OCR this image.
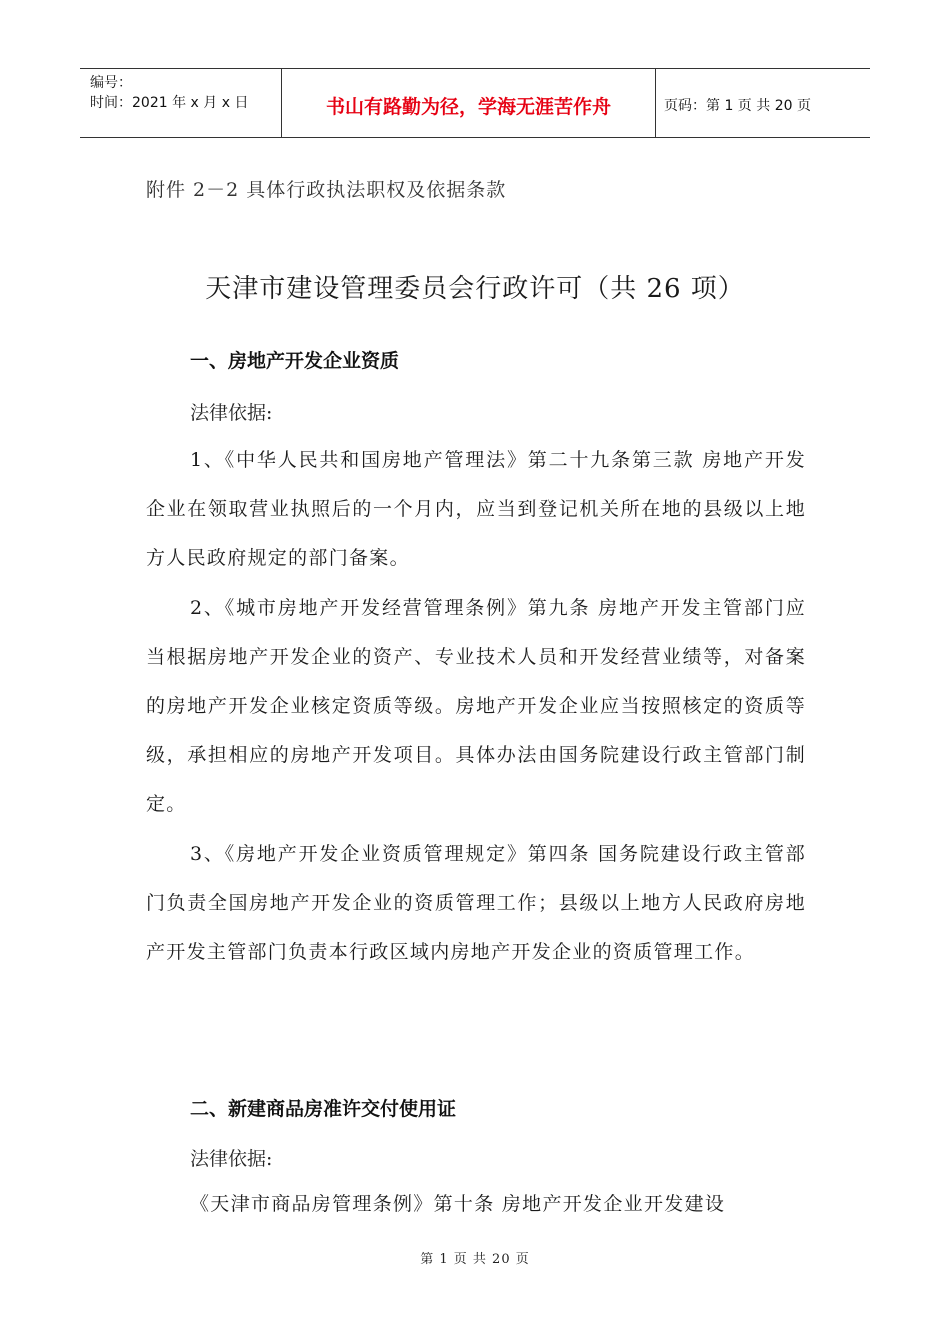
编号：
时间：2021 年 x 月 x 日	书山有路勤为径，学海无涯苦作舟	页码：第 1 页 共 20 页
附件 2－2 具体行政执法职权及依据条款
天津市建设管理委员会行政许可（共 26 项）
一、房地产开发企业资质
法律依据:

1、《中华人民共和国房地产管理法》第二十九条第三款 房地产开发企业在领取营业执照后的一个月内，应当到登记机关所在地的县级以上地方人民政府规定的部门备案。

2、《城市房地产开发经营管理条例》第九条 房地产开发主管部门应当根据房地产开发企业的资产、专业技术人员和开发经营业绩等，对备案的房地产开发企业核定资质等级。房地产开发企业应当按照核定的资质等级，承担相应的房地产开发项目。具体办法由国务院建设行政主管部门制定。

3、《房地产开发企业资质管理规定》第四条 国务院建设行政主管部门负责全国房地产开发企业的资质管理工作；县级以上地方人民政府房地产开发主管部门负责本行政区域内房地产开发企业的资质管理工作。

二、新建商品房准许交付使用证
法律依据:

《天津市商品房管理条例》第十条 房地产开发企业开发建设

第 1 页 共 20 页
